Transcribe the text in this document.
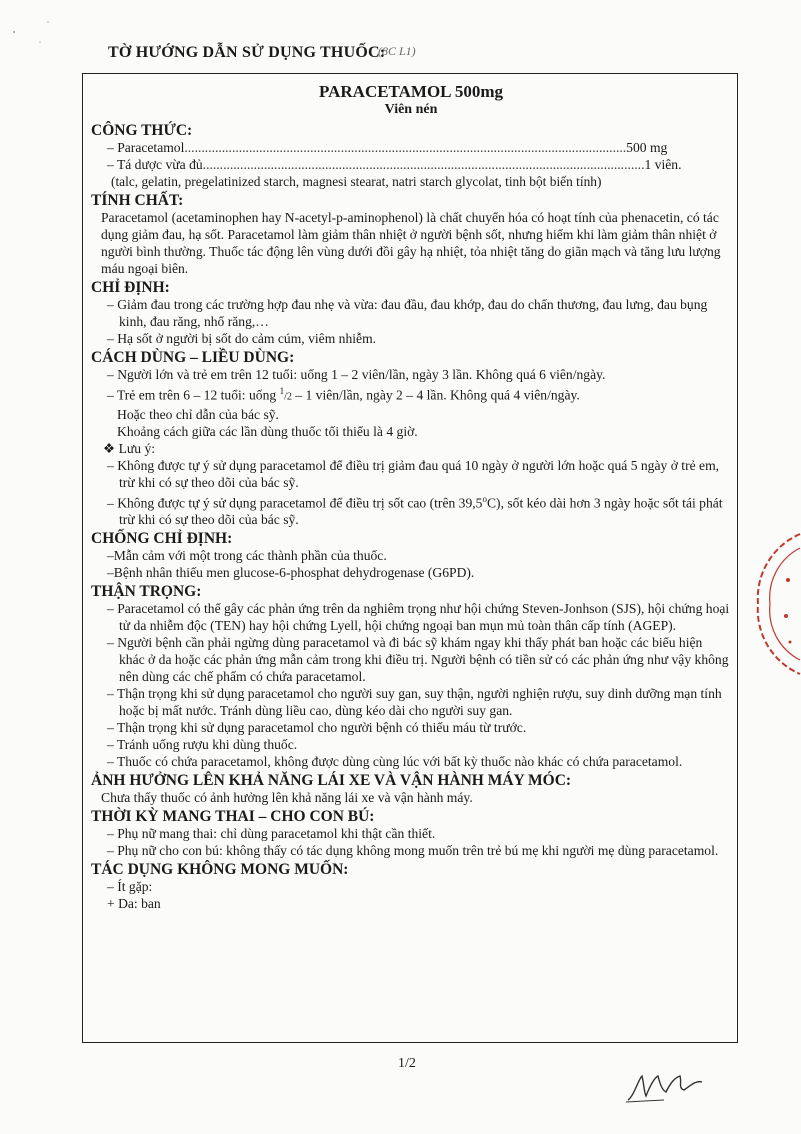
TỜ HƯỚNG DẪN SỬ DỤNG THUỐC:
(8C L1)

PARACETAMOL 500mg

Viên nén

CÔNG THỨC:

– Paracetamol .................................................................................................................................. 500 mg
– Tá dược vừa đủ .................................................................................................................................. 1 viên.

(talc, gelatin, pregelatinized starch, magnesi stearat, natri starch glycolat, tinh bột biến tính)

TÍNH CHẤT:

Paracetamol (acetaminophen hay N-acetyl-p-aminophenol) là chất chuyển hóa có hoạt tính của phenacetin, có tác dụng giảm đau, hạ sốt. Paracetamol làm giảm thân nhiệt ở người bệnh sốt, nhưng hiếm khi làm giảm thân nhiệt ở người bình thường. Thuốc tác động lên vùng dưới đồi gây hạ nhiệt, tỏa nhiệt tăng do giãn mạch và tăng lưu lượng máu ngoại biên.

CHỈ ĐỊNH:

– Giảm đau trong các trường hợp đau nhẹ và vừa: đau đầu, đau khớp, đau do chấn thương, đau lưng, đau bụng kinh, đau răng, nhổ răng,…

– Hạ sốt ở người bị sốt do cảm cúm, viêm nhiễm.

CÁCH DÙNG – LIỀU DÙNG:

– Người lớn và trẻ em trên 12 tuổi: uống 1 – 2 viên/lần, ngày 3 lần. Không quá 6 viên/ngày.

– Trẻ em trên 6 – 12 tuổi: uống $^1$/2 – 1 viên/lần, ngày 2 – 4 lần. Không quá 4 viên/ngày.

Hoặc theo chỉ dẫn của bác sỹ.

Khoảng cách giữa các lần dùng thuốc tối thiểu là 4 giờ.

❖ Lưu ý:

– Không được tự ý sử dụng paracetamol để điều trị giảm đau quá 10 ngày ở người lớn hoặc quá 5 ngày ở trẻ em, trừ khi có sự theo dõi của bác sỹ.

– Không được tự ý sử dụng paracetamol để điều trị sốt cao (trên 39,5$^o$C), sốt kéo dài hơn 3 ngày hoặc sốt tái phát trừ khi có sự theo dõi của bác sỹ.

CHỐNG CHỈ ĐỊNH:

–Mẫn cảm với một trong các thành phần của thuốc.

–Bệnh nhân thiếu men glucose-6-phosphat dehydrogenase (G6PD).

THẬN TRỌNG:

– Paracetamol có thể gây các phản ứng trên da nghiêm trọng như hội chứng Steven-Jonhson (SJS), hội chứng hoại tử da nhiễm độc (TEN) hay hội chứng Lyell, hội chứng ngoại ban mụn mủ toàn thân cấp tính (AGEP).

– Người bệnh cần phải ngừng dùng paracetamol và đi bác sỹ khám ngay khi thấy phát ban hoặc các biểu hiện khác ở da hoặc các phản ứng mẫn cảm trong khi điều trị. Người bệnh có tiền sử có các phản ứng như vậy không nên dùng các chế phẩm có chứa paracetamol.

– Thận trọng khi sử dụng paracetamol cho người suy gan, suy thận, người nghiện rượu, suy dinh dưỡng mạn tính hoặc bị mất nước. Tránh dùng liều cao, dùng kéo dài cho người suy gan.

– Thận trọng khi sử dụng paracetamol cho người bệnh có thiếu máu từ trước.

– Tránh uống rượu khi dùng thuốc.

– Thuốc có chứa paracetamol, không được dùng cùng lúc với bất kỳ thuốc nào khác có chứa paracetamol.

ẢNH HƯỞNG LÊN KHẢ NĂNG LÁI XE VÀ VẬN HÀNH MÁY MÓC:

Chưa thấy thuốc có ảnh hưởng lên khả năng lái xe và vận hành máy.

THỜI KỲ MANG THAI – CHO CON BÚ:

– Phụ nữ mang thai: chỉ dùng paracetamol khi thật cần thiết.

– Phụ nữ cho con bú: không thấy có tác dụng không mong muốn trên trẻ bú mẹ khi người mẹ dùng paracetamol.

TÁC DỤNG KHÔNG MONG MUỐN:

– Ít gặp:

+ Da: ban

1/2
